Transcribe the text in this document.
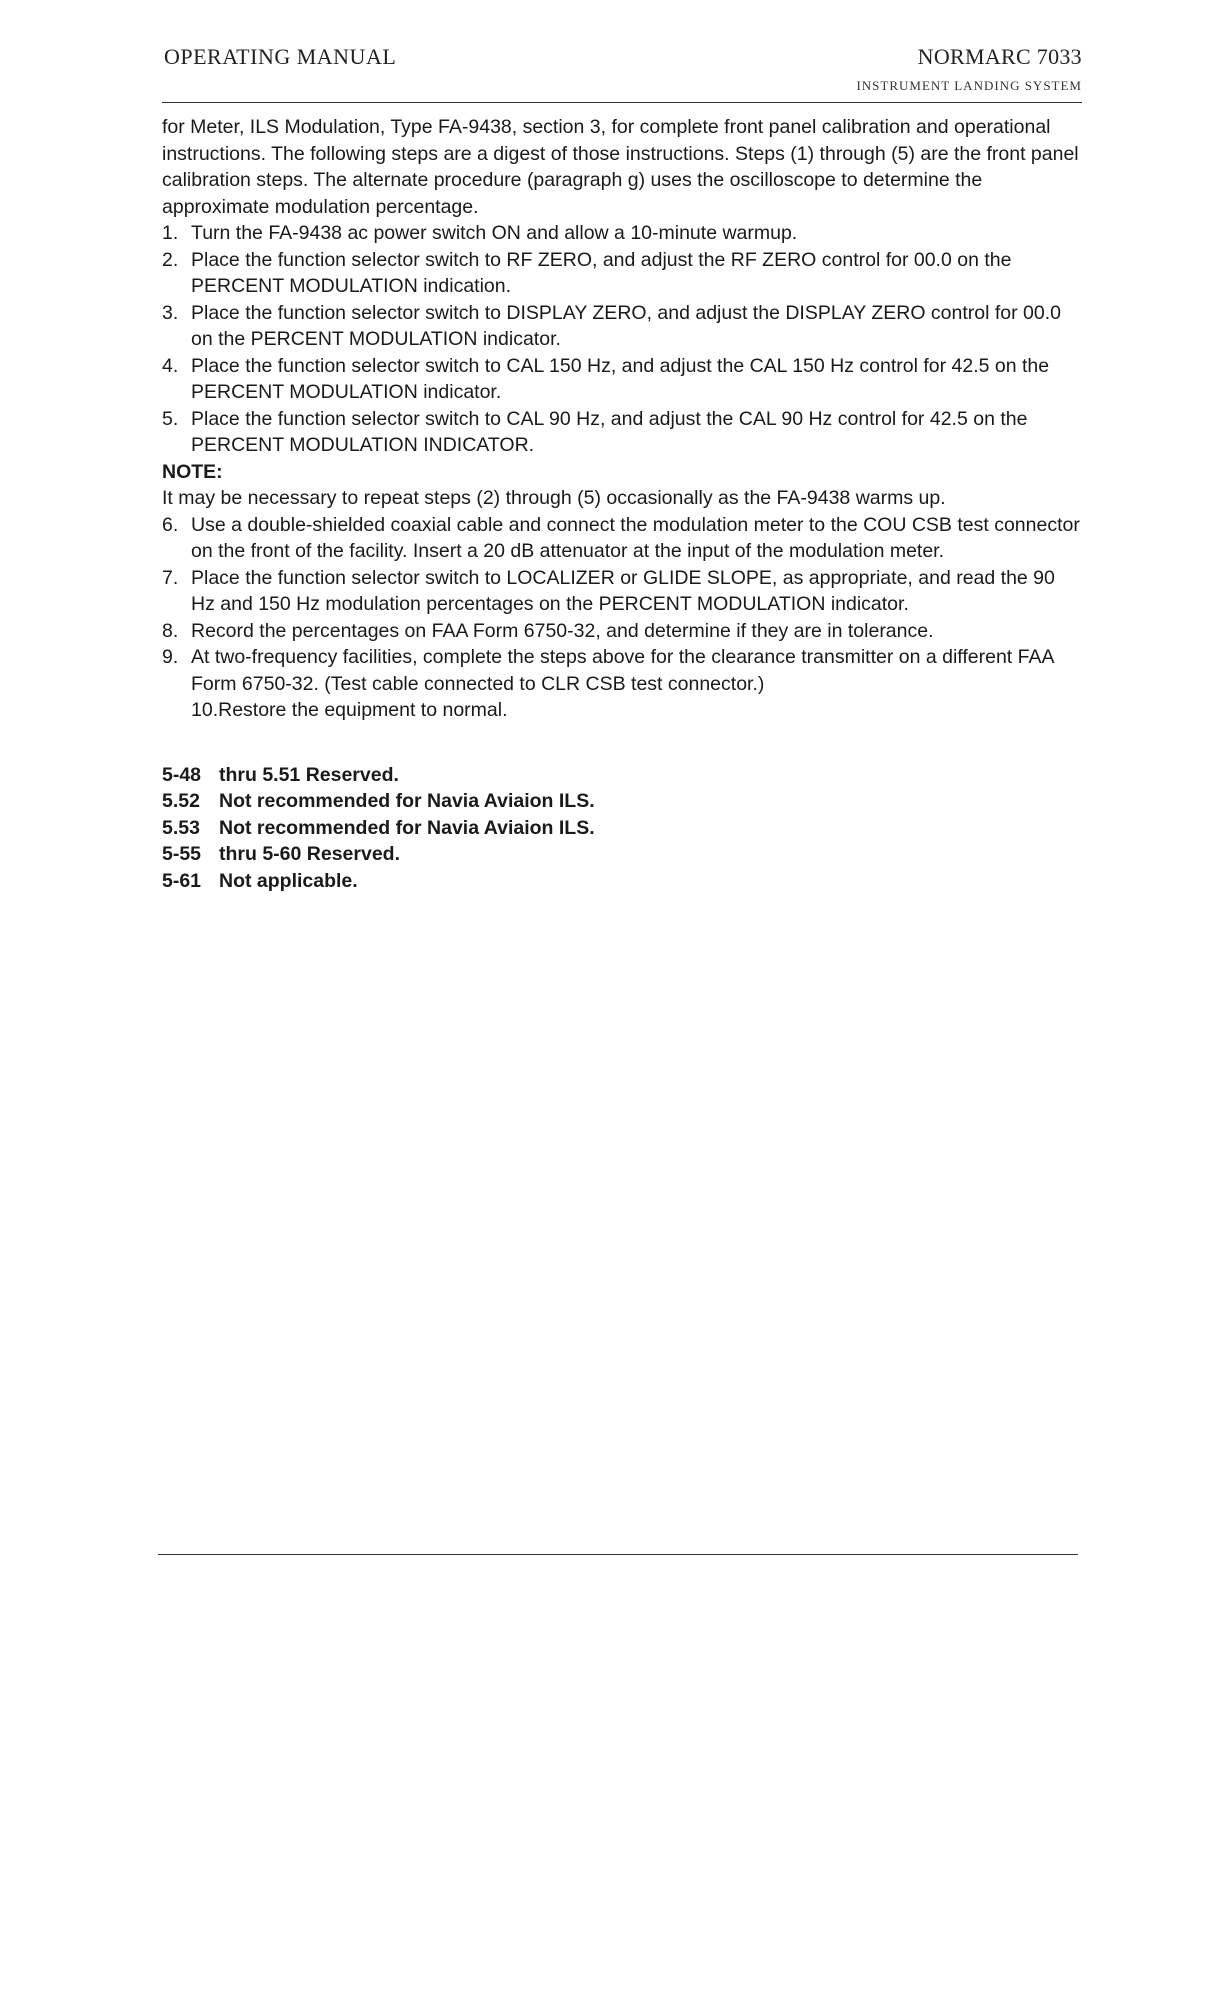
OPERATING MANUAL	NORMARC 7033
INSTRUMENT LANDING SYSTEM

for Meter, ILS Modulation, Type FA-9438, section 3, for complete front panel calibration and operational instructions. The following steps are a digest of those instructions. Steps (1) through (5) are the front panel calibration steps. The alternate procedure (paragraph g) uses the oscilloscope to determine the approximate modulation percentage.

1. Turn the FA-9438 ac power switch ON and allow a 10-minute warmup.
2. Place the function selector switch to RF ZERO, and adjust the RF ZERO control for 00.0 on the PERCENT MODULATION indication.
3. Place the function selector switch to DISPLAY ZERO, and adjust the DISPLAY ZERO control for 00.0 on the PERCENT MODULATION indicator.
4. Place the function selector switch to CAL 150 Hz, and adjust the CAL 150 Hz control for 42.5 on the PERCENT MODULATION indicator.
5. Place the function selector switch to CAL 90 Hz, and adjust the CAL 90 Hz control for 42.5 on the PERCENT MODULATION INDICATOR.

NOTE:

It may be necessary to repeat steps (2) through (5) occasionally as the FA-9438 warms up.

6. Use a double-shielded coaxial cable and connect the modulation meter to the COU CSB test connector on the front of the facility. Insert a 20 dB attenuator at the input of the modulation meter.
7. Place the function selector switch to LOCALIZER or GLIDE SLOPE, as appropriate, and read the 90 Hz and 150 Hz modulation percentages on the PERCENT MODULATION indicator.
8. Record the percentages on FAA Form 6750-32, and determine if they are in tolerance.
9. At two-frequency facilities, complete the steps above for the clearance transmitter on a different FAA Form 6750-32. (Test cable connected to CLR CSB test connector.)
10.Restore the equipment to normal.

5-48 thru 5.51 Reserved.

5.52 Not recommended for Navia Aviaion ILS.

5.53 Not recommended for Navia Aviaion ILS.

5-55 thru 5-60 Reserved.

5-61 Not applicable.
